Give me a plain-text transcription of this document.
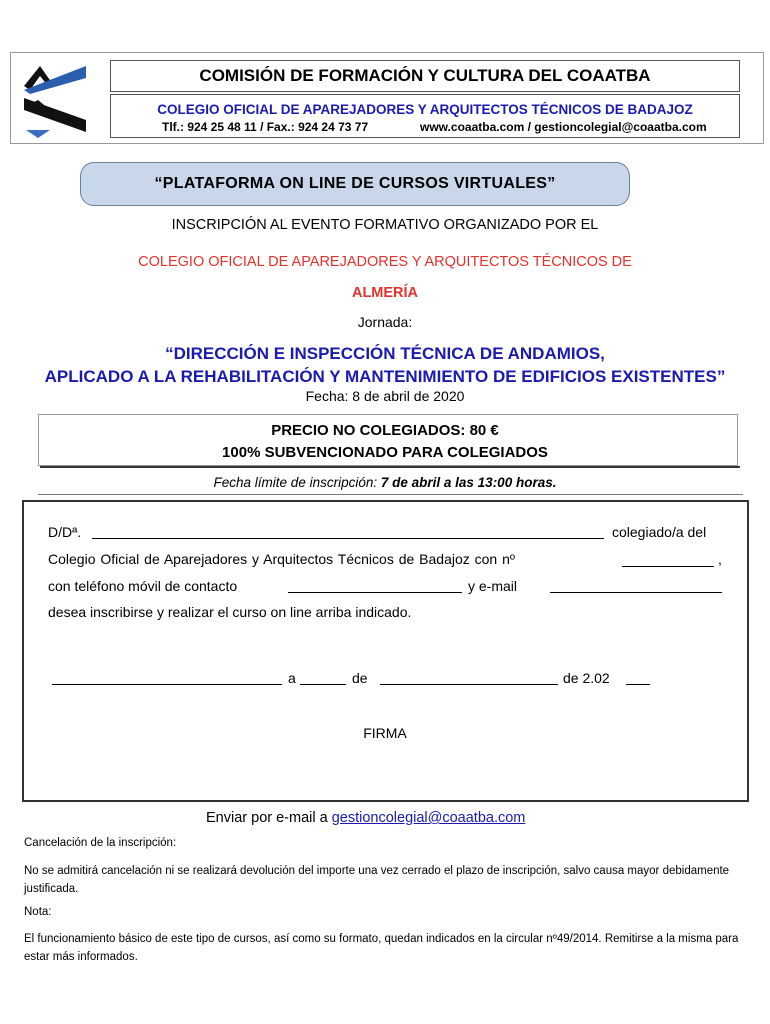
COMISIÓN DE FORMACIÓN Y CULTURA DEL COAATBA
COLEGIO OFICIAL DE APAREJADORES Y ARQUITECTOS TÉCNICOS DE BADAJOZ
Tlf.: 924 25 48 11 / Fax.: 924 24 73 77	www.coaatba.com / gestioncolegial@coaatba.com
“PLATAFORMA ON LINE DE CURSOS VIRTUALES”
INSCRIPCIÓN AL EVENTO FORMATIVO ORGANIZADO POR EL
COLEGIO OFICIAL DE APAREJADORES Y ARQUITECTOS TÉCNICOS DE
ALMERÍA
Jornada:
“DIRECCIÓN E INSPECCIÓN TÉCNICA DE ANDAMIOS,
APLICADO A LA REHABILITACIÓN Y MANTENIMIENTO DE EDIFICIOS EXISTENTES”
Fecha: 8 de abril de 2020
PRECIO NO COLEGIADOS: 80 €
100% SUBVENCIONADO PARA COLEGIADOS
Fecha límite de inscripción: 7 de abril a las 13:00 horas.
D/Dª.	colegiado/a del
Colegio Oficial de Aparejadores y Arquitectos Técnicos de Badajoz con nº	,
con teléfono móvil de contacto	y e-mail
desea inscribirse y realizar el curso on line arriba indicado.
a	de	de 2.02
FIRMA
Enviar por e-mail a gestioncolegial@coaatba.com
Cancelación de la inscripción:
No se admitirá cancelación ni se realizará devolución del importe una vez cerrado el plazo de inscripción, salvo causa mayor debidamente justificada.
Nota:
El funcionamiento básico de este tipo de cursos, así como su formato, quedan indicados en la circular nº49/2014. Remitirse a la misma para estar más informados.
